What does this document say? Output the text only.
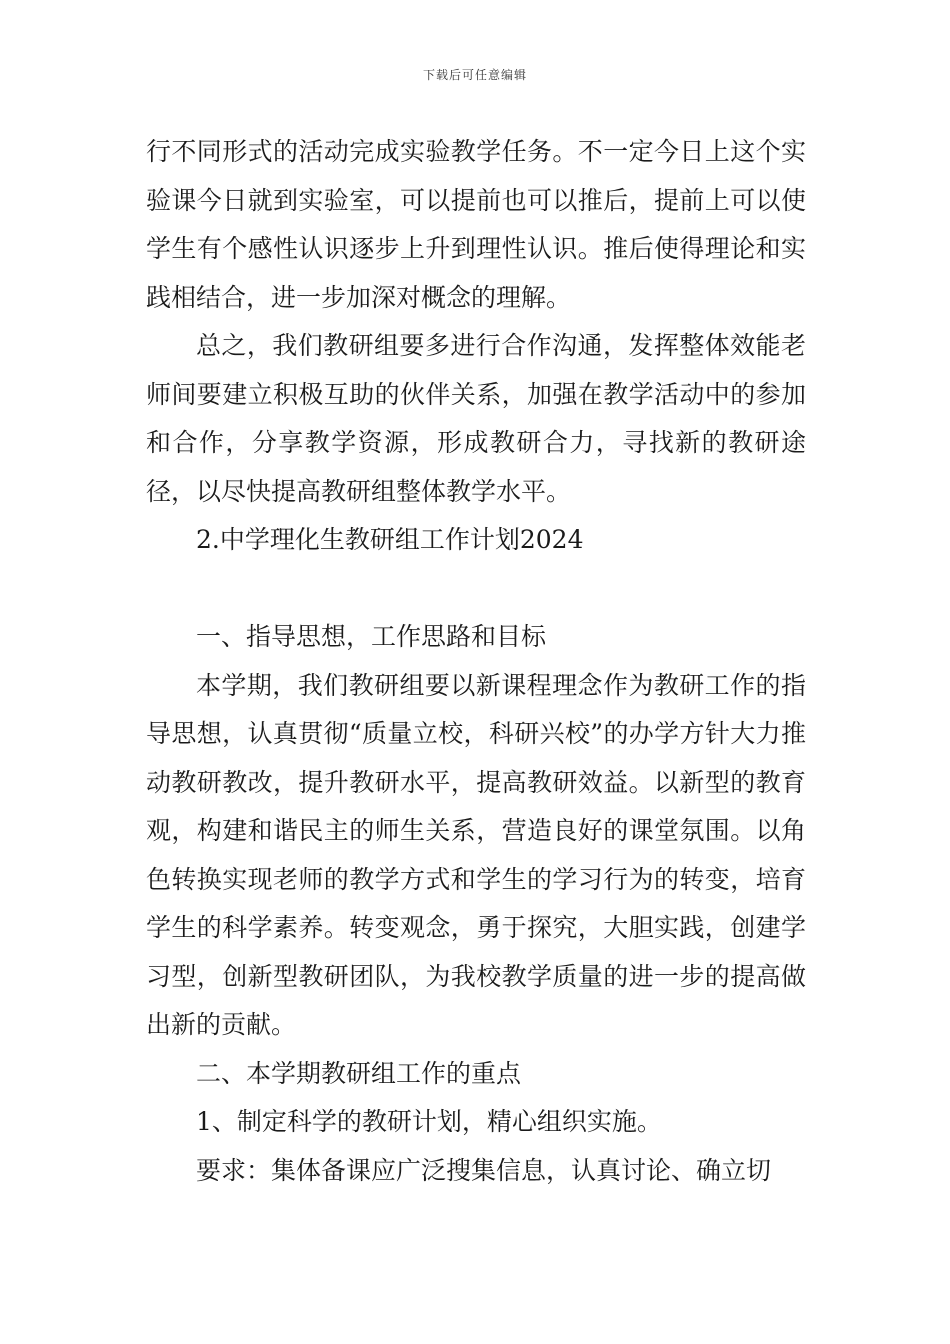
下载后可任意编辑

行不同形式的活动完成实验教学任务。不一定今日上这个实验课今日就到实验室，可以提前也可以推后，提前上可以使学生有个感性认识逐步上升到理性认识。推后使得理论和实践相结合，进一步加深对概念的理解。

总之，我们教研组要多进行合作沟通，发挥整体效能老师间要建立积极互助的伙伴关系，加强在教学活动中的参加和合作，分享教学资源，形成教研合力，寻找新的教研途径，以尽快提高教研组整体教学水平。

2.中学理化生教研组工作计划2024

一、指导思想，工作思路和目标

本学期，我们教研组要以新课程理念作为教研工作的指导思想，认真贯彻“质量立校，科研兴校”的办学方针大力推动教研教改，提升教研水平，提高教研效益。以新型的教育观，构建和谐民主的师生关系，营造良好的课堂氛围。以角色转换实现老师的教学方式和学生的学习行为的转变，培育学生的科学素养。转变观念，勇于探究，大胆实践，创建学习型，创新型教研团队，为我校教学质量的进一步的提高做出新的贡献。

二、本学期教研组工作的重点

1、制定科学的教研计划，精心组织实施。

要求：集体备课应广泛搜集信息，认真讨论、确立切
